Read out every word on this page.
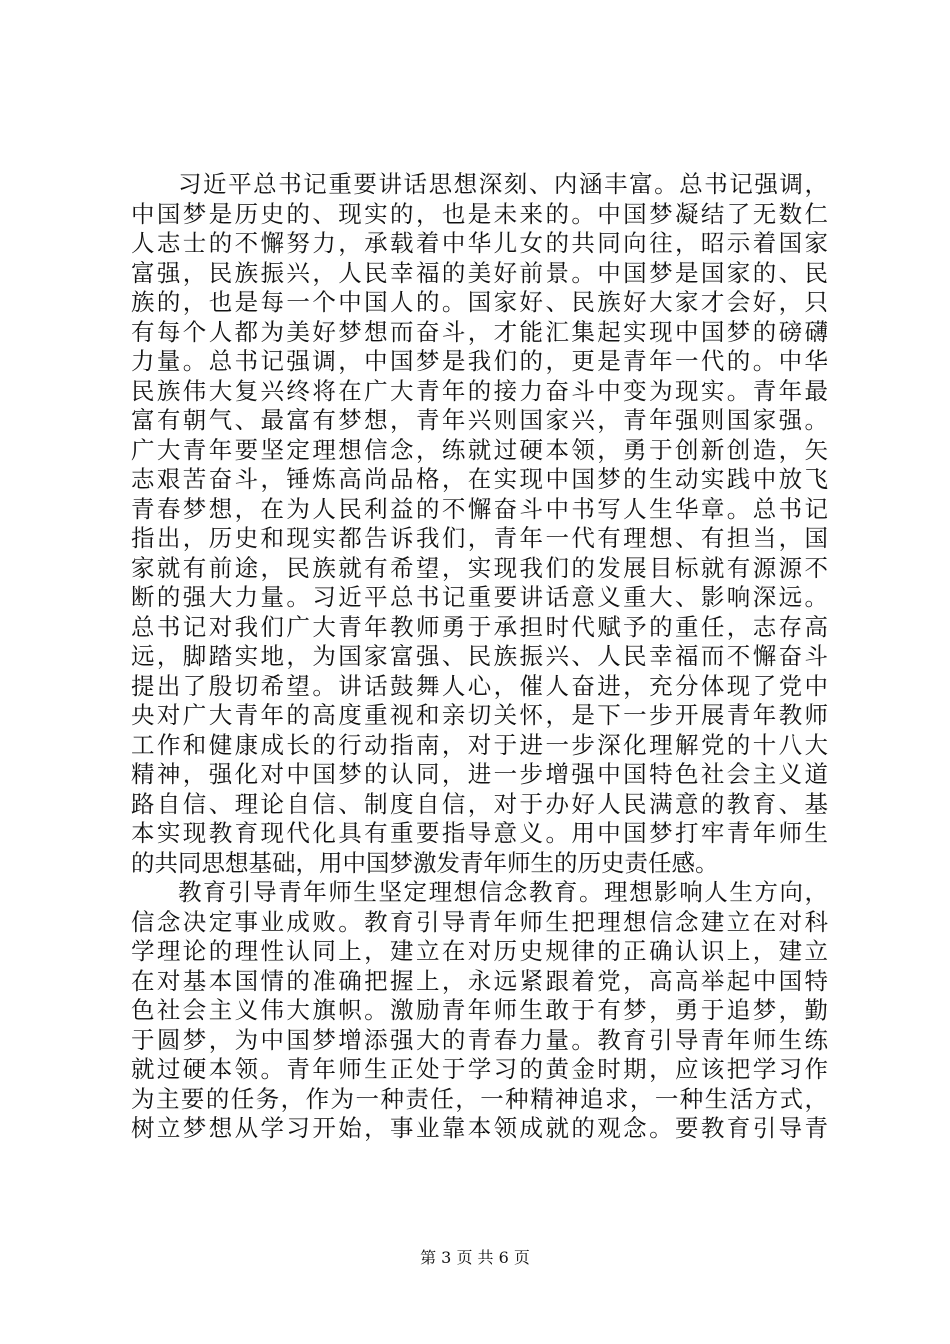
习近平总书记重要讲话思想深刻、内涵丰富。总书记强调，
中国梦是历史的、现实的，也是未来的。中国梦凝结了无数仁
人志士的不懈努力，承载着中华儿女的共同向往，昭示着国家
富强，民族振兴，人民幸福的美好前景。中国梦是国家的、民
族的，也是每一个中国人的。国家好、民族好大家才会好，只
有每个人都为美好梦想而奋斗，才能汇集起实现中国梦的磅礴
力量。总书记强调，中国梦是我们的，更是青年一代的。中华
民族伟大复兴终将在广大青年的接力奋斗中变为现实。青年最
富有朝气、最富有梦想，青年兴则国家兴，青年强则国家强。
广大青年要坚定理想信念，练就过硬本领，勇于创新创造，矢
志艰苦奋斗，锤炼高尚品格，在实现中国梦的生动实践中放飞
青春梦想，在为人民利益的不懈奋斗中书写人生华章。总书记
指出，历史和现实都告诉我们，青年一代有理想、有担当，国
家就有前途，民族就有希望，实现我们的发展目标就有源源不
断的强大力量。习近平总书记重要讲话意义重大、影响深远。
总书记对我们广大青年教师勇于承担时代赋予的重任，志存高
远，脚踏实地，为国家富强、民族振兴、人民幸福而不懈奋斗
提出了殷切希望。讲话鼓舞人心，催人奋进，充分体现了党中
央对广大青年的高度重视和亲切关怀，是下一步开展青年教师
工作和健康成长的行动指南，对于进一步深化理解党的十八大
精神，强化对中国梦的认同，进一步增强中国特色社会主义道
路自信、理论自信、制度自信，对于办好人民满意的教育、基
本实现教育现代化具有重要指导意义。用中国梦打牢青年师生
的共同思想基础，用中国梦激发青年师生的历史责任感。
教育引导青年师生坚定理想信念教育。理想影响人生方向，
信念决定事业成败。教育引导青年师生把理想信念建立在对科
学理论的理性认同上，建立在对历史规律的正确认识上，建立
在对基本国情的准确把握上，永远紧跟着党，高高举起中国特
色社会主义伟大旗帜。激励青年师生敢于有梦，勇于追梦，勤
于圆梦，为中国梦增添强大的青春力量。教育引导青年师生练
就过硬本领。青年师生正处于学习的黄金时期，应该把学习作
为主要的任务，作为一种责任，一种精神追求，一种生活方式，
树立梦想从学习开始，事业靠本领成就的观念。要教育引导青
第 3 页 共 6 页
